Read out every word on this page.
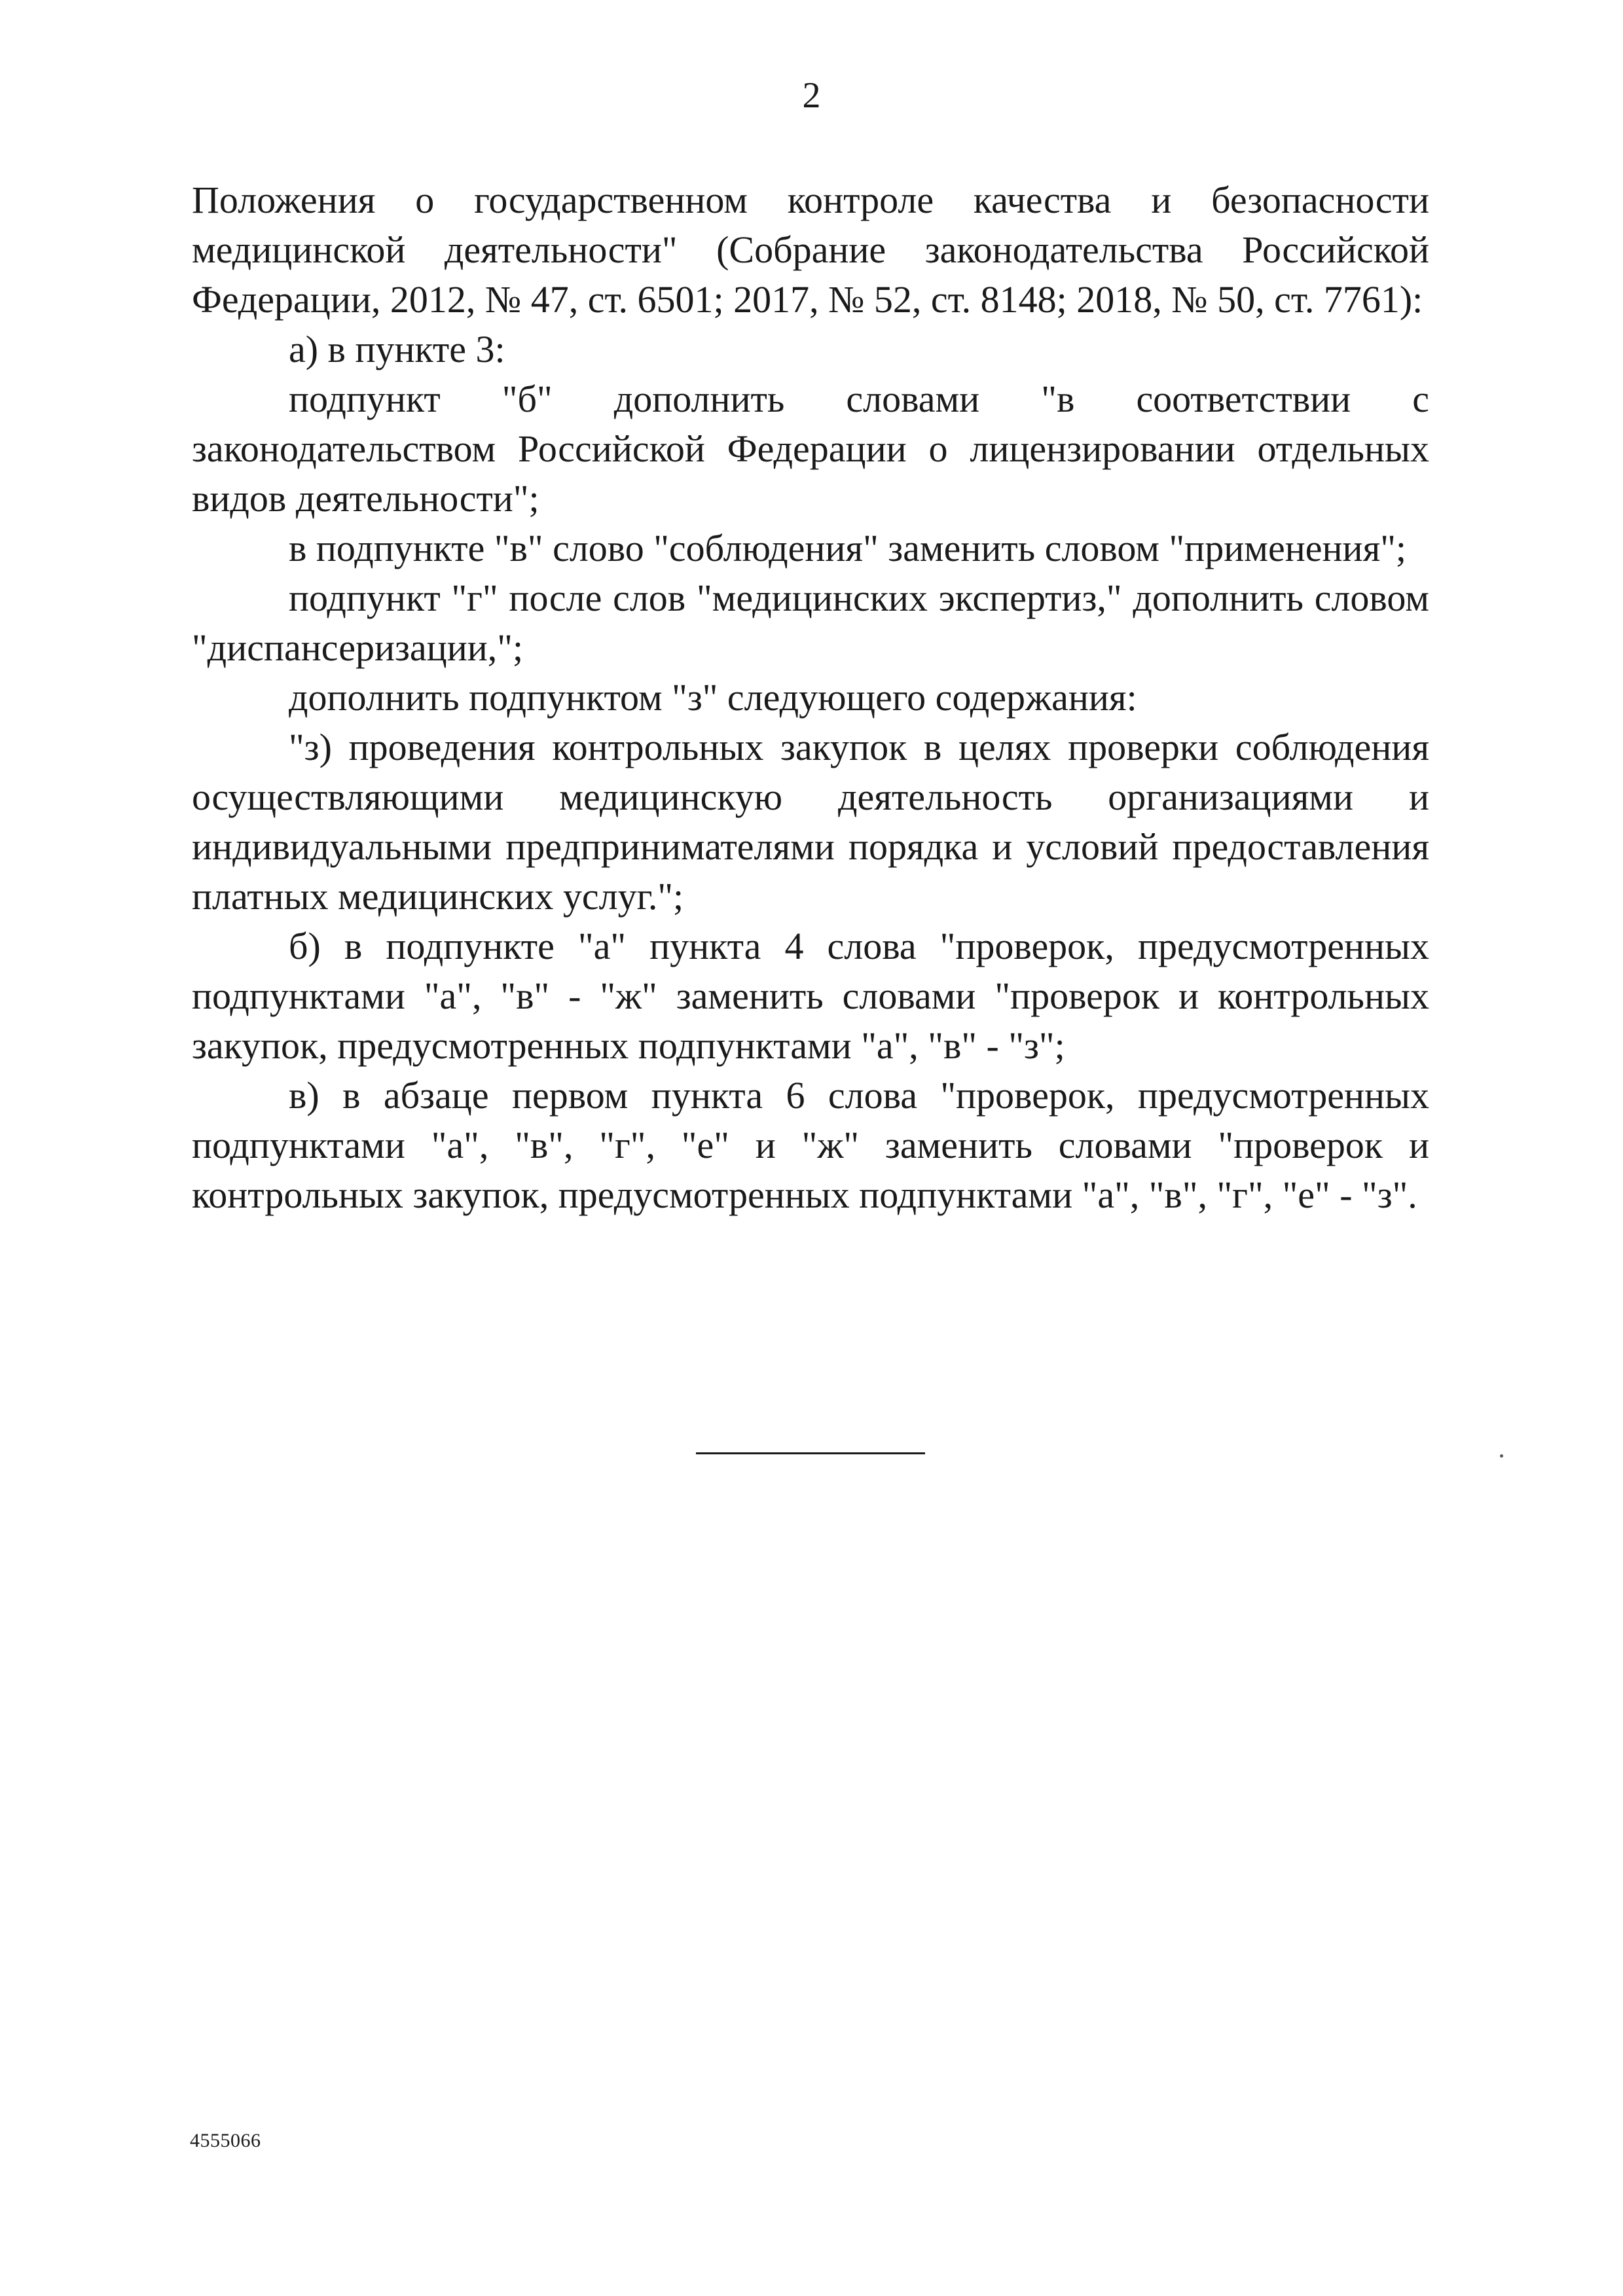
2

Положения о государственном контроле качества и безопасности медицинской деятельности" (Собрание законодательства Российской Федерации, 2012, № 47, ст. 6501; 2017, № 52, ст. 8148; 2018, № 50, ст. 7761):

а) в пункте 3:

подпункт "б" дополнить словами "в соответствии с законодательством Российской Федерации о лицензировании отдельных видов деятельности";

в подпункте "в" слово "соблюдения" заменить словом "применения";

подпункт "г" после слов "медицинских экспертиз," дополнить словом "диспансеризации,";

дополнить подпунктом "з" следующего содержания:

"з) проведения контрольных закупок в целях проверки соблюдения осуществляющими медицинскую деятельность организациями и индивидуальными предпринимателями порядка и условий предоставления платных медицинских услуг.";

б) в подпункте "а" пункта 4 слова "проверок, предусмотренных подпунктами "а", "в" - "ж" заменить словами "проверок и контрольных закупок, предусмотренных подпунктами "а", "в" - "з";

в) в абзаце первом пункта 6 слова "проверок, предусмотренных подпунктами "а", "в", "г", "е" и "ж" заменить словами "проверок и контрольных закупок, предусмотренных подпунктами "а", "в", "г", "е" - "з".

4555066
